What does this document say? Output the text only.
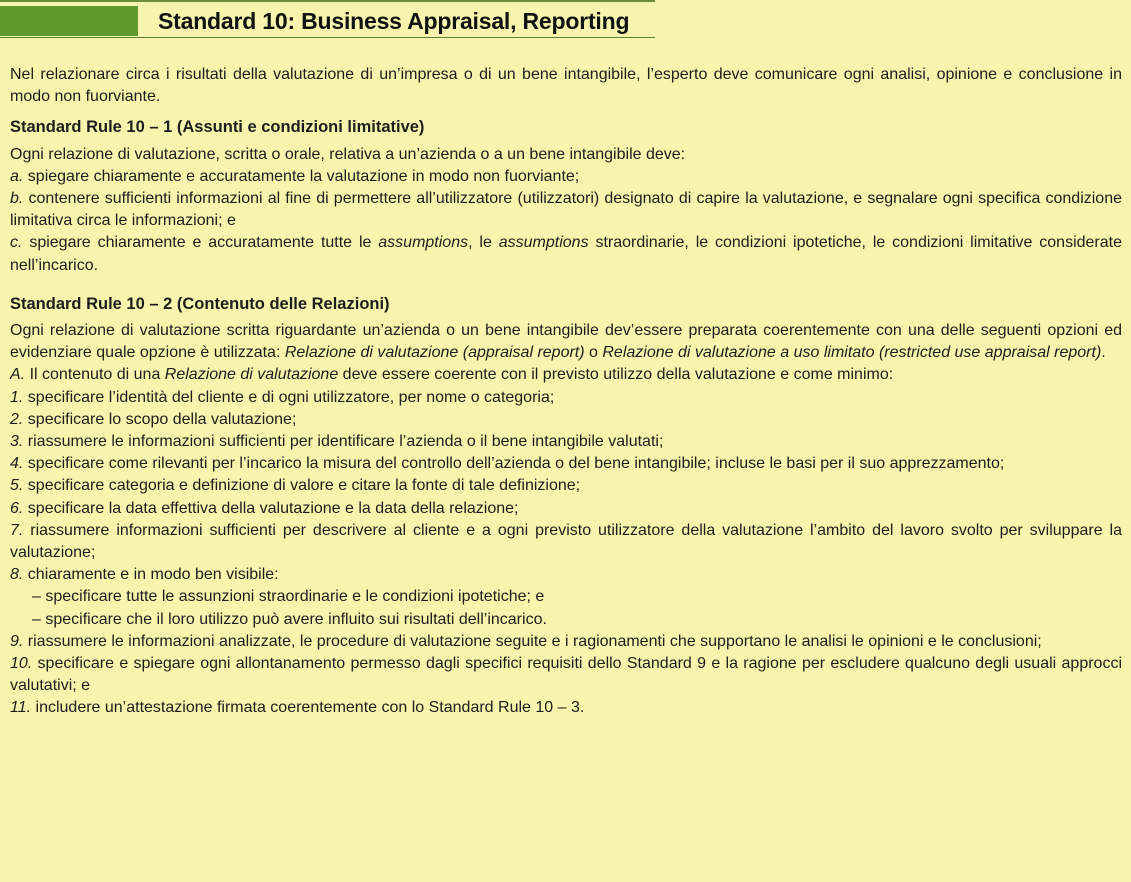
Standard 10: Business Appraisal, Reporting

Nel relazionare circa i risultati della valutazione di un’impresa o di un bene intangibile, l’esperto deve comunicare ogni analisi, opinione e conclusione in modo non fuorviante.

Standard Rule 10 – 1 (Assunti e condizioni limitative)

Ogni relazione di valutazione, scritta o orale, relativa a un’azienda o a un bene intangibile deve:

a. spiegare chiaramente e accuratamente la valutazione in modo non fuorviante;

b. contenere sufficienti informazioni al fine di permettere all’utilizzatore (utilizzatori) designato di capire la valutazione, e segnalare ogni specifica condizione limitativa circa le informazioni; e

c. spiegare chiaramente e accuratamente tutte le assumptions, le assumptions straordinarie, le condizioni ipotetiche, le condizioni limitative considerate nell’incarico.

Standard Rule 10 – 2 (Contenuto delle Relazioni)

Ogni relazione di valutazione scritta riguardante un’azienda o un bene intangibile dev’essere preparata coerentemente con una delle seguenti opzioni ed evidenziare quale opzione è utilizzata: Relazione di valutazione (appraisal report) o Relazione di valutazione a uso limitato (restricted use appraisal report).

A. Il contenuto di una Relazione di valutazione deve essere coerente con il previsto utilizzo della valutazione e come minimo:

1. specificare l’identità del cliente e di ogni utilizzatore, per nome o categoria;

2. specificare lo scopo della valutazione;

3. riassumere le informazioni sufficienti per identificare l’azienda o il bene intangibile valutati;

4. specificare come rilevanti per l’incarico la misura del controllo dell’azienda o del bene intangibile; incluse le basi per il suo apprezzamento;

5. specificare categoria e definizione di valore e citare la fonte di tale definizione;

6. specificare la data effettiva della valutazione e la data della relazione;

7. riassumere informazioni sufficienti per descrivere al cliente e a ogni previsto utilizzatore della valutazione l’ambito del lavoro svolto per sviluppare la valutazione;

8. chiaramente e in modo ben visibile:

– specificare tutte le assunzioni straordinarie e le condizioni ipotetiche; e

– specificare che il loro utilizzo può avere influito sui risultati dell’incarico.

9. riassumere le informazioni analizzate, le procedure di valutazione seguite e i ragionamenti che supportano le analisi le opinioni e le conclusioni;

10. specificare e spiegare ogni allontanamento permesso dagli specifici requisiti dello Standard 9 e la ragione per escludere qualcuno degli usuali approcci valutativi; e

11. includere un’attestazione firmata coerentemente con lo Standard Rule 10 – 3.
